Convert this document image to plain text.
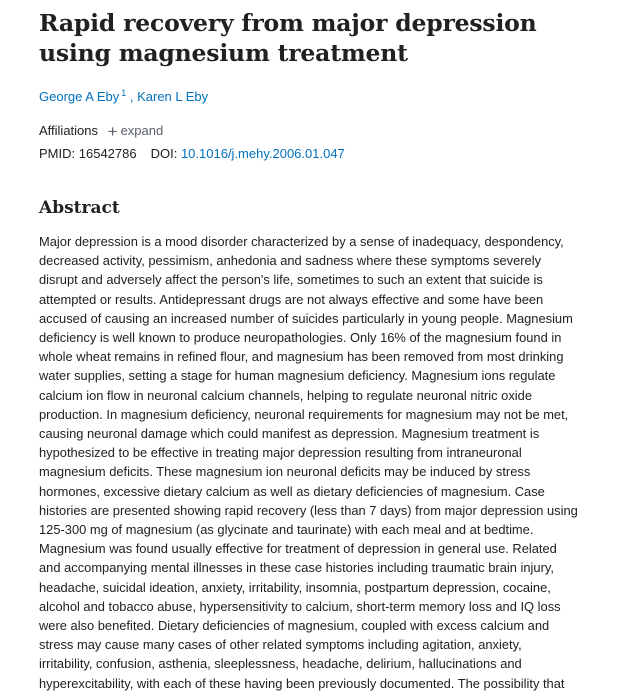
Rapid recovery from major depression using magnesium treatment
George A Eby $^1$ , Karen L Eby
Affiliations + expand
PMID: 16542786 DOI: 10.1016/j.mehy.2006.01.047
Abstract

Major depression is a mood disorder characterized by a sense of inadequacy, despondency,
decreased activity, pessimism, anhedonia and sadness where these symptoms severely
disrupt and adversely affect the person's life, sometimes to such an extent that suicide is
attempted or results. Antidepressant drugs are not always effective and some have been
accused of causing an increased number of suicides particularly in young people. Magnesium
deficiency is well known to produce neuropathologies. Only 16% of the magnesium found in
whole wheat remains in refined flour, and magnesium has been removed from most drinking
water supplies, setting a stage for human magnesium deficiency. Magnesium ions regulate
calcium ion flow in neuronal calcium channels, helping to regulate neuronal nitric oxide
production. In magnesium deficiency, neuronal requirements for magnesium may not be met,
causing neuronal damage which could manifest as depression. Magnesium treatment is
hypothesized to be effective in treating major depression resulting from intraneuronal
magnesium deficits. These magnesium ion neuronal deficits may be induced by stress
hormones, excessive dietary calcium as well as dietary deficiencies of magnesium. Case
histories are presented showing rapid recovery (less than 7 days) from major depression using
125-300 mg of magnesium (as glycinate and taurinate) with each meal and at bedtime.
Magnesium was found usually effective for treatment of depression in general use. Related
and accompanying mental illnesses in these case histories including traumatic brain injury,
headache, suicidal ideation, anxiety, irritability, insomnia, postpartum depression, cocaine,
alcohol and tobacco abuse, hypersensitivity to calcium, short-term memory loss and IQ loss
were also benefited. Dietary deficiencies of magnesium, coupled with excess calcium and
stress may cause many cases of other related symptoms including agitation, anxiety,
irritability, confusion, asthenia, sleeplessness, headache, delirium, hallucinations and
hyperexcitability, with each of these having been previously documented. The possibility that
